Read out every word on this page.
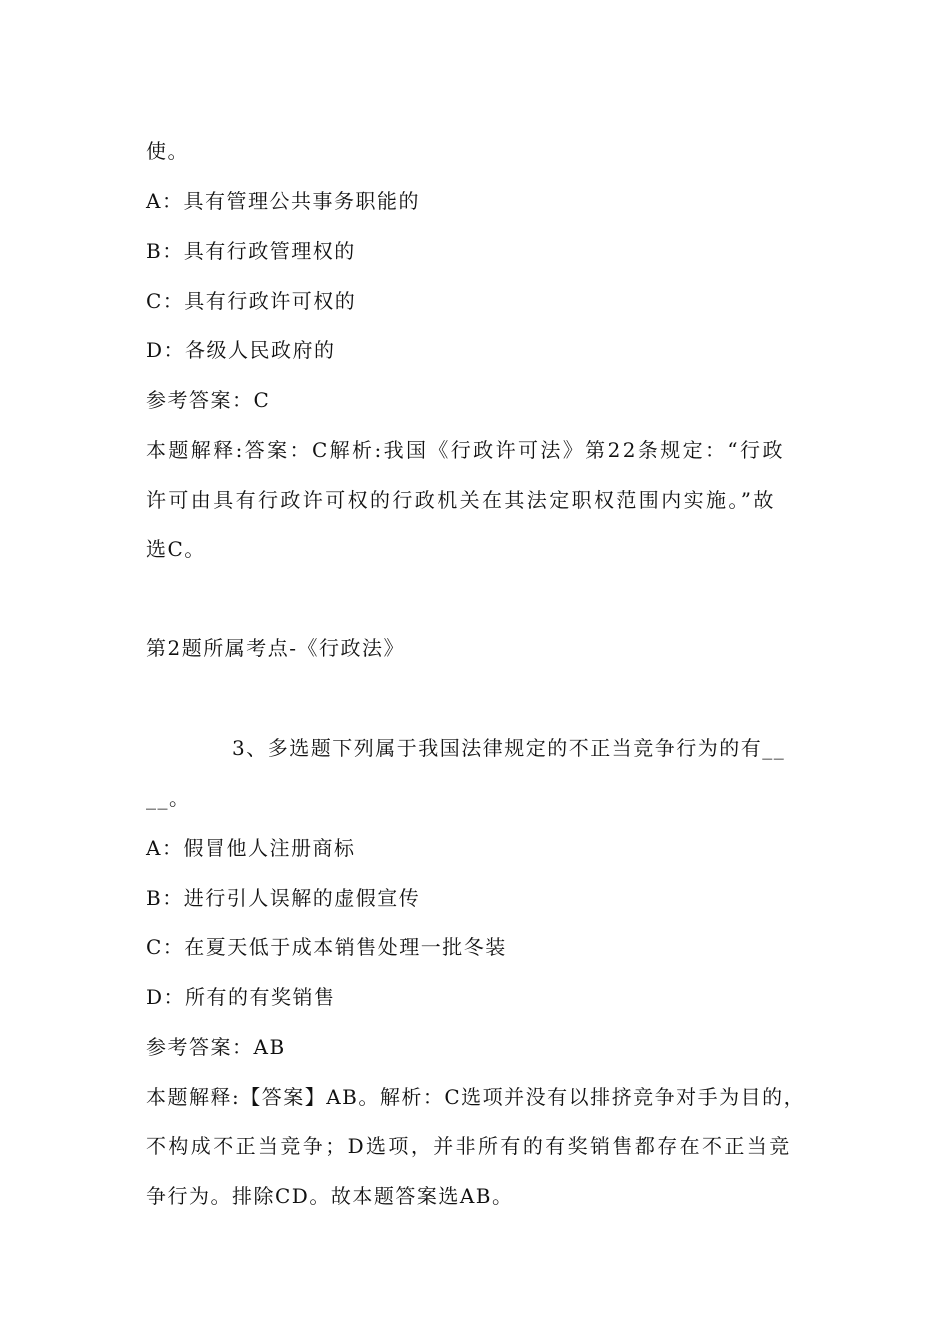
使。
A：具有管理公共事务职能的
B：具有行政管理权的
C：具有行政许可权的
D：各级人民政府的
参考答案：C
本题解释:答案：C解析:我国《行政许可法》第22条规定：“行政
许可由具有行政许可权的行政机关在其法定职权范围内实施。”故
选C。
第2题所属考点-《行政法》
3、多选题下列属于我国法律规定的不正当竞争行为的有__
__。
A：假冒他人注册商标
B：进行引人误解的虚假宣传
C：在夏天低于成本销售处理一批冬装
D：所有的有奖销售
参考答案：AB
本题解释:【答案】AB。解析：C选项并没有以排挤竞争对手为目的，
不构成不正当竞争；D选项，并非所有的有奖销售都存在不正当竞
争行为。排除CD。故本题答案选AB。
